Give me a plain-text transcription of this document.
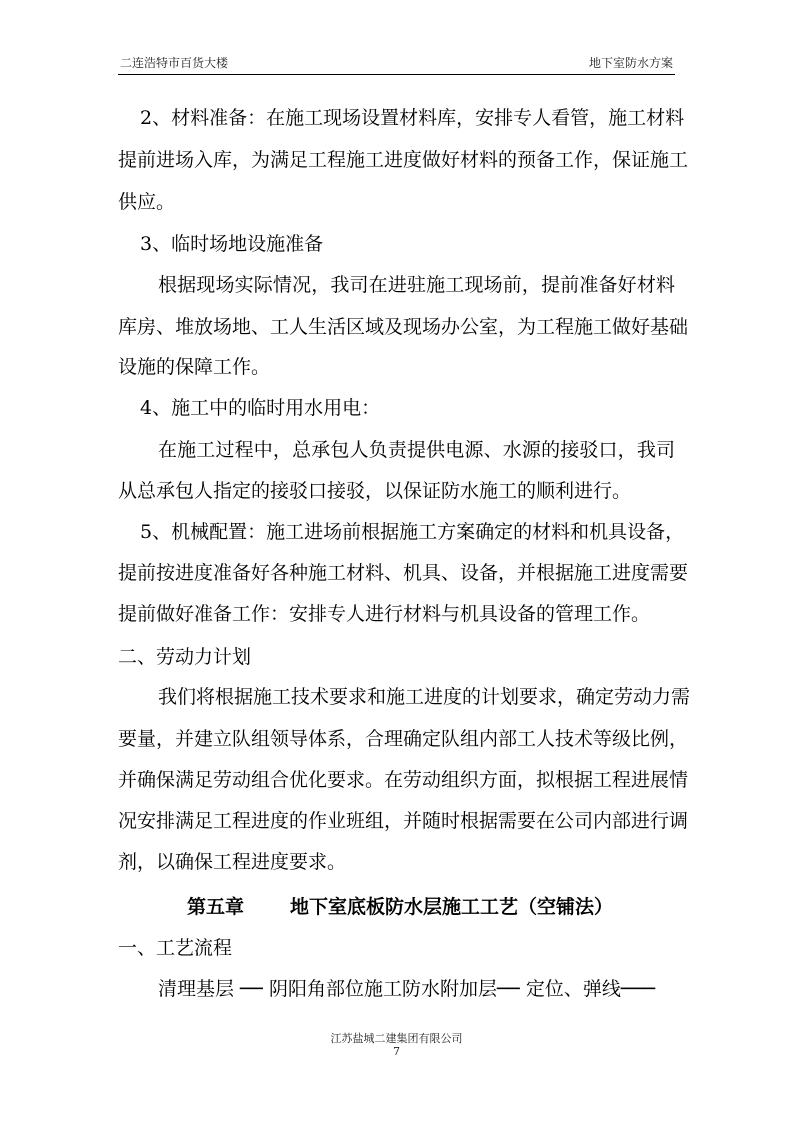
二连浩特市百货大楼	地下室防水方案
2、材料准备：在施工现场设置材料库，安排专人看管，施工材料
提前进场入库，为满足工程施工进度做好材料的预备工作，保证施工
供应。
3、临时场地设施准备
根据现场实际情况，我司在进驻施工现场前，提前准备好材料
库房、堆放场地、工人生活区域及现场办公室，为工程施工做好基础
设施的保障工作。
4、施工中的临时用水用电：
在施工过程中，总承包人负责提供电源、水源的接驳口，我司
从总承包人指定的接驳口接驳，以保证防水施工的顺利进行。
5、机械配置：施工进场前根据施工方案确定的材料和机具设备，
提前按进度准备好各种施工材料、机具、设备，并根据施工进度需要
提前做好准备工作：安排专人进行材料与机具设备的管理工作。
二、劳动力计划
我们将根据施工技术要求和施工进度的计划要求，确定劳动力需
要量，并建立队组领导体系，合理确定队组内部工人技术等级比例，
并确保满足劳动组合优化要求。在劳动组织方面，拟根据工程进展情
况安排满足工程进度的作业班组，并随时根据需要在公司内部进行调
剂，以确保工程进度要求。
第五章 地下室底板防水层施工工艺（空铺法）
一、工艺流程
清理基层 ── 阴阳角部位施工防水附加层── 定位、弹线───
江苏盐城二建集团有限公司
7
